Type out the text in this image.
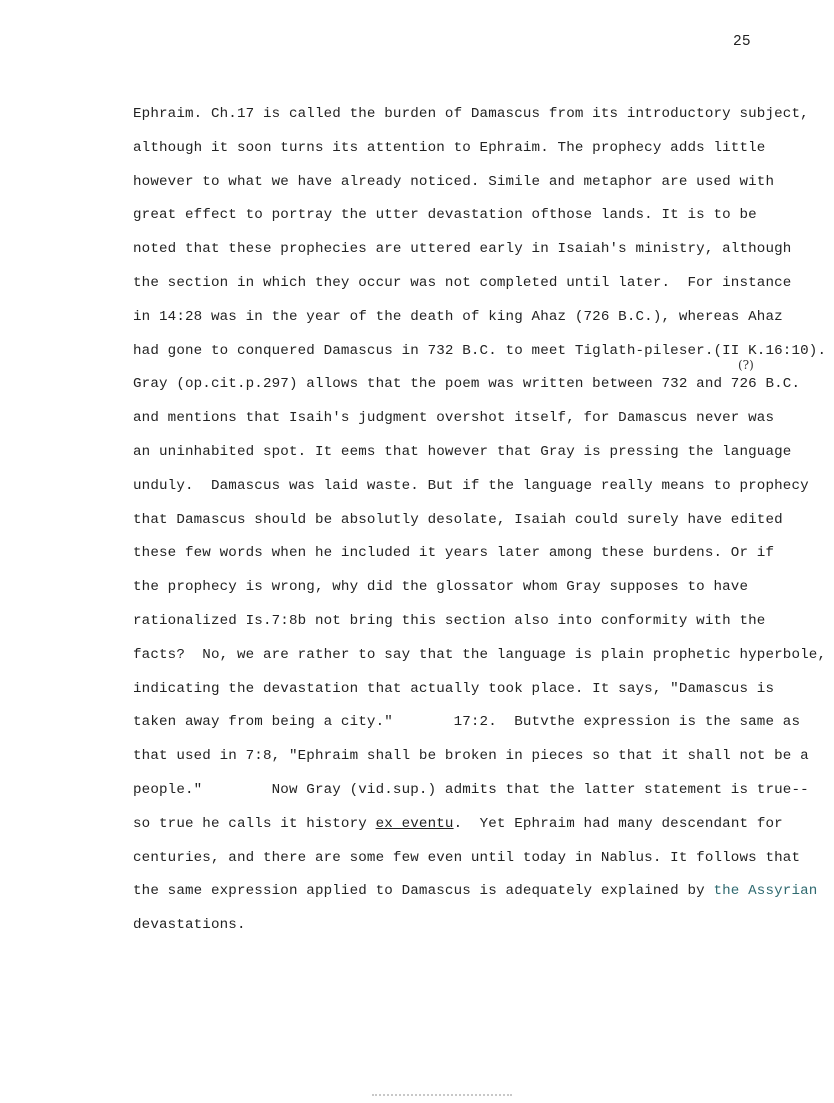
25
(?)
Ephraim. Ch.17 is called the burden of Damascus from its introductory subject,
although it soon turns its attention to Ephraim. The prophecy adds little
however to what we have already noticed. Simile and metaphor are used with
great effect to portray the utter devastation ofthose lands. It is to be
noted that these prophecies are uttered early in Isaiah's ministry, although
the section in which they occur was not completed until later.  For instance
in 14:28 was in the year of the death of king Ahaz (726 B.C.), whereas Ahaz
had gone to conquered Damascus in 732 B.C. to meet Tiglath-pileser.(II K.16:10).
Gray (op.cit.p.297) allows that the poem was written between 732 and 726 B.C.
and mentions that Isaih's judgment overshot itself, for Damascus never was
an uninhabited spot. It eems that however that Gray is pressing the language
unduly.  Damascus was laid waste. But if the language really means to prophecy
that Damascus should be absolutly desolate, Isaiah could surely have edited
these few words when he included it years later among these burdens. Or if
the prophecy is wrong, why did the glossator whom Gray supposes to have
rationalized Is.7:8b not bring this section also into conformity with the
facts?  No, we are rather to say that the language is plain prophetic hyperbole,
indicating the devastation that actually took place. It says, "Damascus is
taken away from being a city."       17:2.  Butvthe expression is the same as
that used in 7:8, "Ephraim shall be broken in pieces so that it shall not be a
people."        Now Gray (vid.sup.) admits that the latter statement is true--
so true he calls it history ex eventu.  Yet Ephraim had many descendant for
centuries, and there are some few even until today in Nablus. It follows that
the same expression applied to Damascus is adequately explained by the Assyrian
devastations.
